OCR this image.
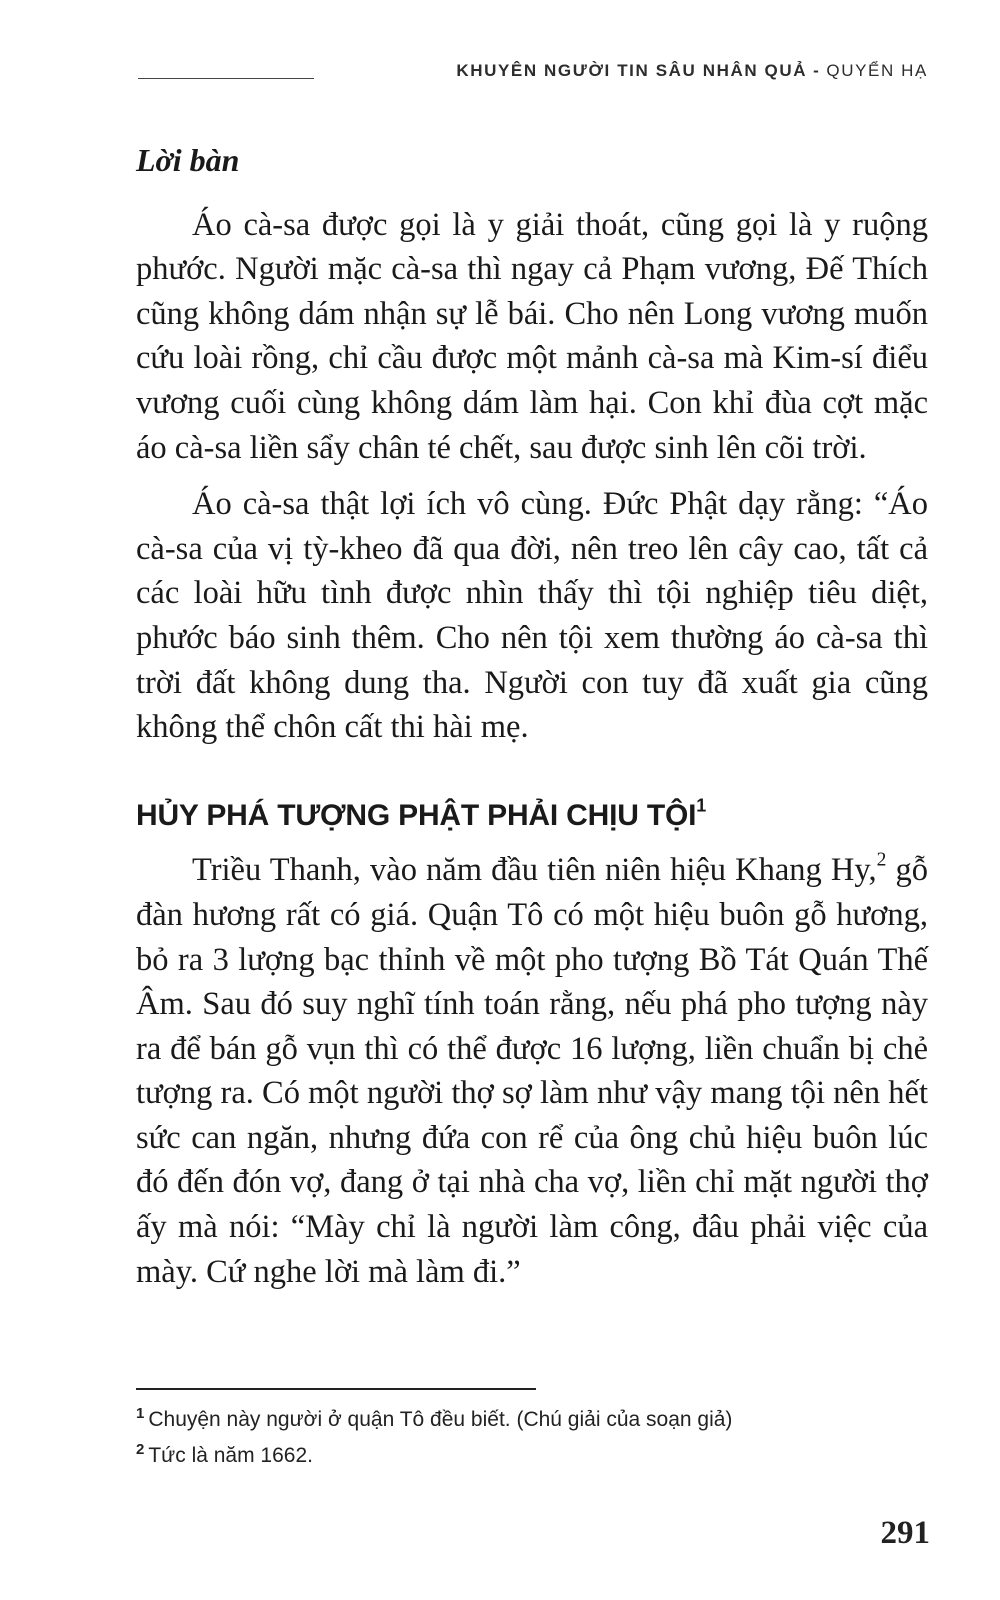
KHUYÊN NGƯỜI TIN SÂU NHÂN QUẢ - QUYỂN HẠ
Lời bàn

Áo cà-sa được gọi là y giải thoát, cũng gọi là y ruộng phước. Người mặc cà-sa thì ngay cả Phạm vương, Đế Thích cũng không dám nhận sự lễ bái. Cho nên Long vương muốn cứu loài rồng, chỉ cầu được một mảnh cà-sa mà Kim-sí điểu vương cuối cùng không dám làm hại. Con khỉ đùa cợt mặc áo cà-sa liền sẩy chân té chết, sau được sinh lên cõi trời.

Áo cà-sa thật lợi ích vô cùng. Đức Phật dạy rằng: “Áo cà-sa của vị tỳ-kheo đã qua đời, nên treo lên cây cao, tất cả các loài hữu tình được nhìn thấy thì tội nghiệp tiêu diệt, phước báo sinh thêm. Cho nên tội xem thường áo cà-sa thì trời đất không dung tha. Người con tuy đã xuất gia cũng không thể chôn cất thi hài mẹ.

HỦY PHÁ TƯỢNG PHẬT PHẢI CHỊU TỘI$^1$

Triều Thanh, vào năm đầu tiên niên hiệu Khang Hy,$^2$ gỗ đàn hương rất có giá. Quận Tô có một hiệu buôn gỗ hương, bỏ ra 3 lượng bạc thỉnh về một pho tượng Bồ Tát Quán Thế Âm. Sau đó suy nghĩ tính toán rằng, nếu phá pho tượng này ra để bán gỗ vụn thì có thể được 16 lượng, liền chuẩn bị chẻ tượng ra. Có một người thợ sợ làm như vậy mang tội nên hết sức can ngăn, nhưng đứa con rể của ông chủ hiệu buôn lúc đó đến đón vợ, đang ở tại nhà cha vợ, liền chỉ mặt người thợ ấy mà nói: “Mày chỉ là người làm công, đâu phải việc của mày. Cứ nghe lời mà làm đi.”

$^1$ Chuyện này người ở quận Tô đều biết. (Chú giải của soạn giả)
$^2$ Tức là năm 1662.
291
